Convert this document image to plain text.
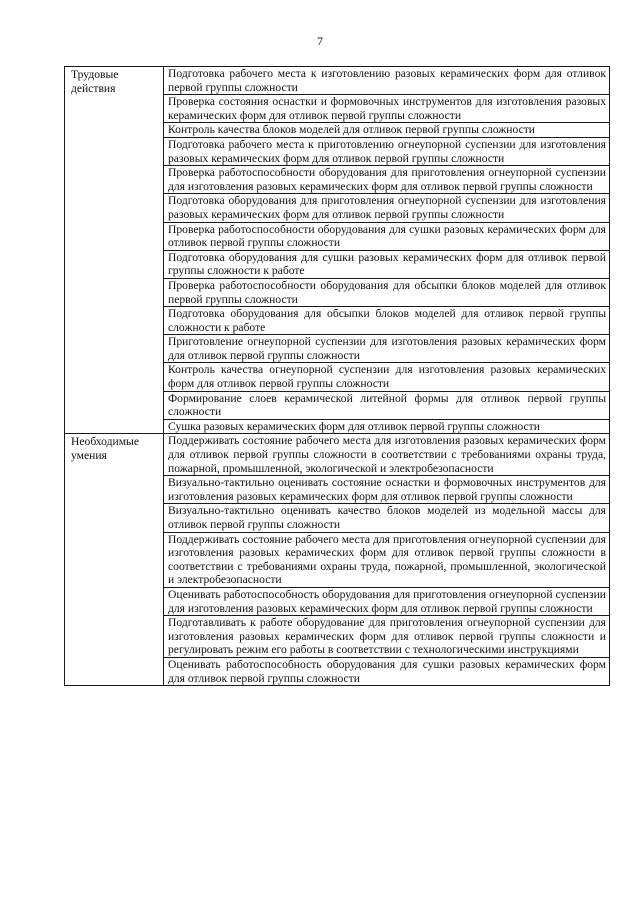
7
Трудовые действия	Подготовка рабочего места к изготовлению разовых керамических форм для отливок первой группы сложности

	Проверка состояния оснастки и формовочных инструментов для изготовления разовых керамических форм для отливок первой группы сложности

	Контроль качества блоков моделей для отливок первой группы сложности

	Подготовка рабочего места к приготовлению огнеупорной суспензии для изготовления разовых керамических форм для отливок первой группы сложности

	Проверка работоспособности оборудования для приготовления огнеупорной суспензии для изготовления разовых керамических форм для отливок первой группы сложности

	Подготовка оборудования для приготовления огнеупорной суспензии для изготовления разовых керамических форм для отливок первой группы сложности

	Проверка работоспособности оборудования для сушки разовых керамических форм для отливок первой группы сложности

	Подготовка оборудования для сушки разовых керамических форм для отливок первой группы сложности к работе

	Проверка работоспособности оборудования для обсыпки блоков моделей для отливок первой группы сложности

	Подготовка оборудования для обсыпки блоков моделей для отливок первой группы сложности к работе

	Приготовление огнеупорной суспензии для изготовления разовых керамических форм для отливок первой группы сложности

	Контроль качества огнеупорной суспензии для изготовления разовых керамических форм для отливок первой группы сложности

	Формирование слоев керамической литейной формы для отливок первой группы сложности

	Сушка разовых керамических форм для отливок первой группы сложности

Необходимые умения	Поддерживать состояние рабочего места для изготовления разовых керамических форм для отливок первой группы сложности в соответствии с требованиями охраны труда, пожарной, промышленной, экологической и электробезопасности

	Визуально-тактильно оценивать состояние оснастки и формовочных инструментов для изготовления разовых керамических форм для отливок первой группы сложности

	Визуально-тактильно оценивать качество блоков моделей из модельной массы для отливок первой группы сложности

	Поддерживать состояние рабочего места для приготовления огнеупорной суспензии для изготовления разовых керамических форм для отливок первой группы сложности в соответствии с требованиями охраны труда, пожарной, промышленной, экологической и электробезопасности

	Оценивать работоспособность оборудования для приготовления огнеупорной суспензии для изготовления разовых керамических форм для отливок первой группы сложности

	Подготавливать к работе оборудование для приготовления огнеупорной суспензии для изготовления разовых керамических форм для отливок первой группы сложности и регулировать режим его работы в соответствии с технологическими инструкциями

	Оценивать работоспособность оборудования для сушки разовых керамических форм для отливок первой группы сложности
